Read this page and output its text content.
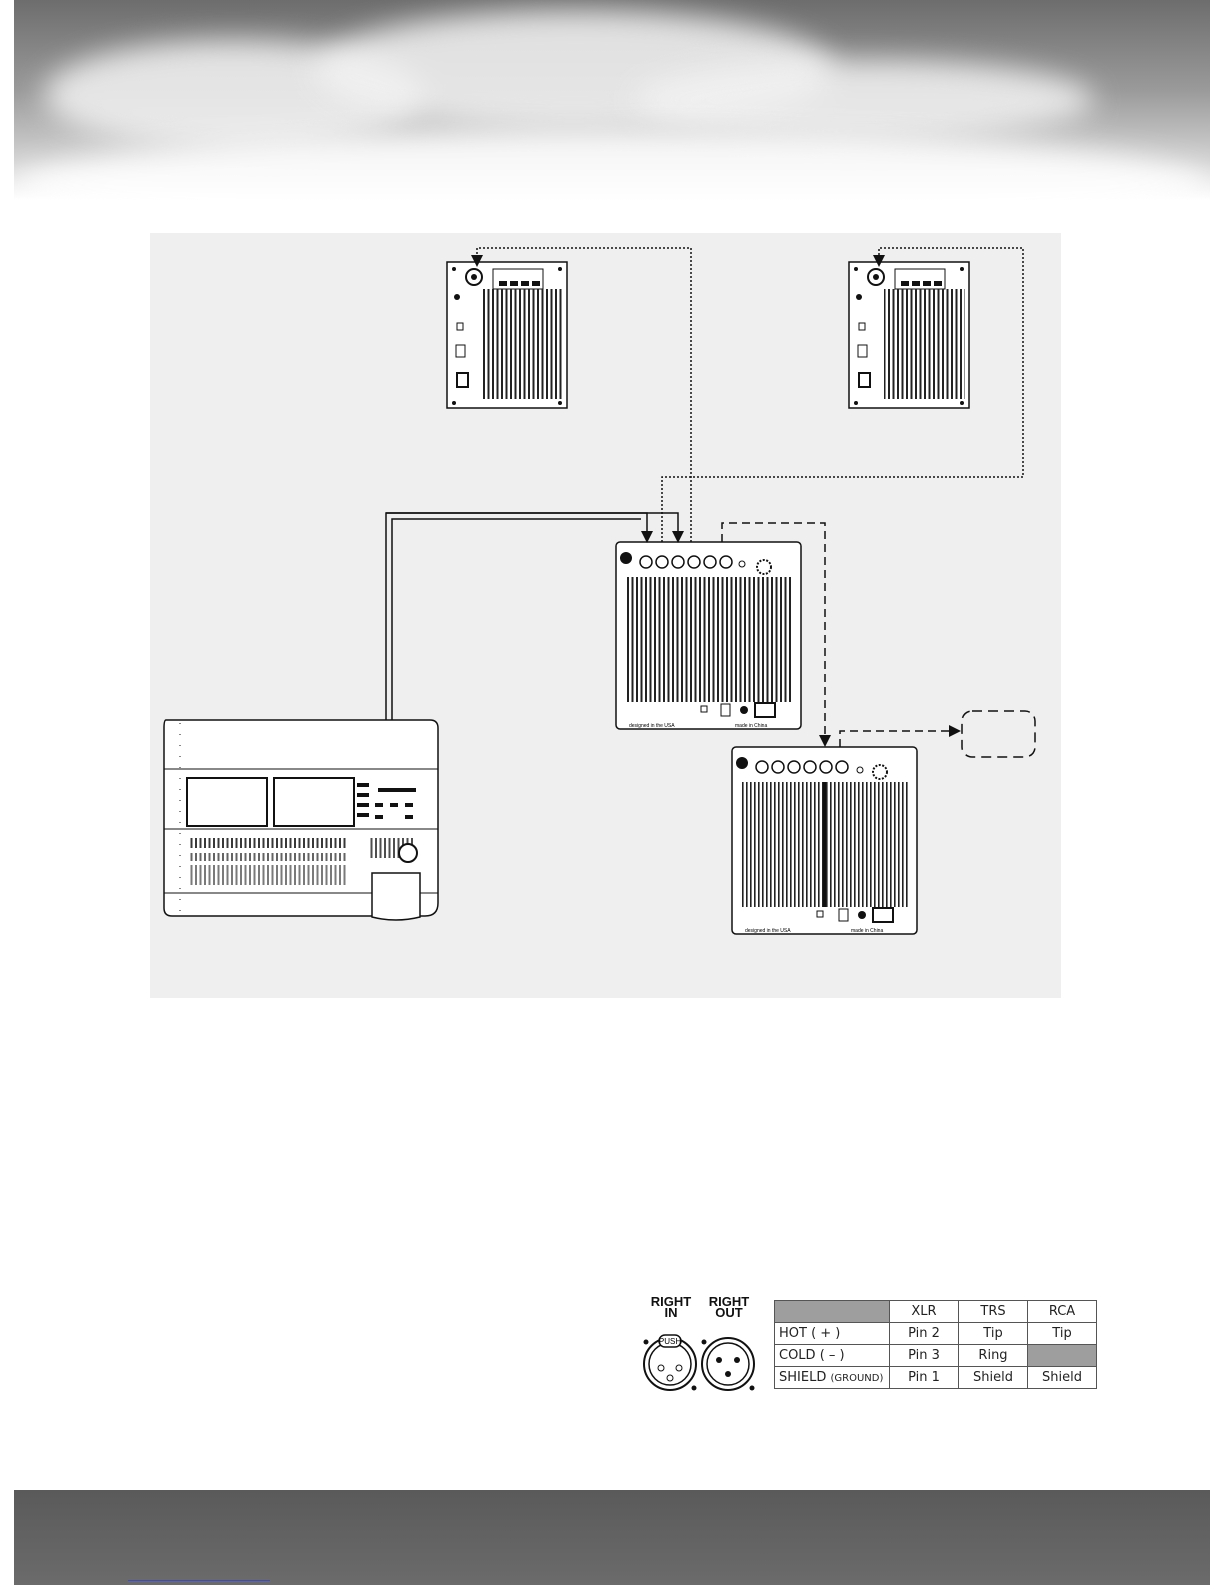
designed in the USA	made in China
designed in the USA	made in China
RIGHT
IN
RIGHT
OUT
PUSH
	XLR	TRS	RCA
HOT ( + )	Pin 2	Tip	Tip
COLD ( – )	Pin 3	Ring	
SHIELD (GROUND)	Pin 1	Shield	Shield
